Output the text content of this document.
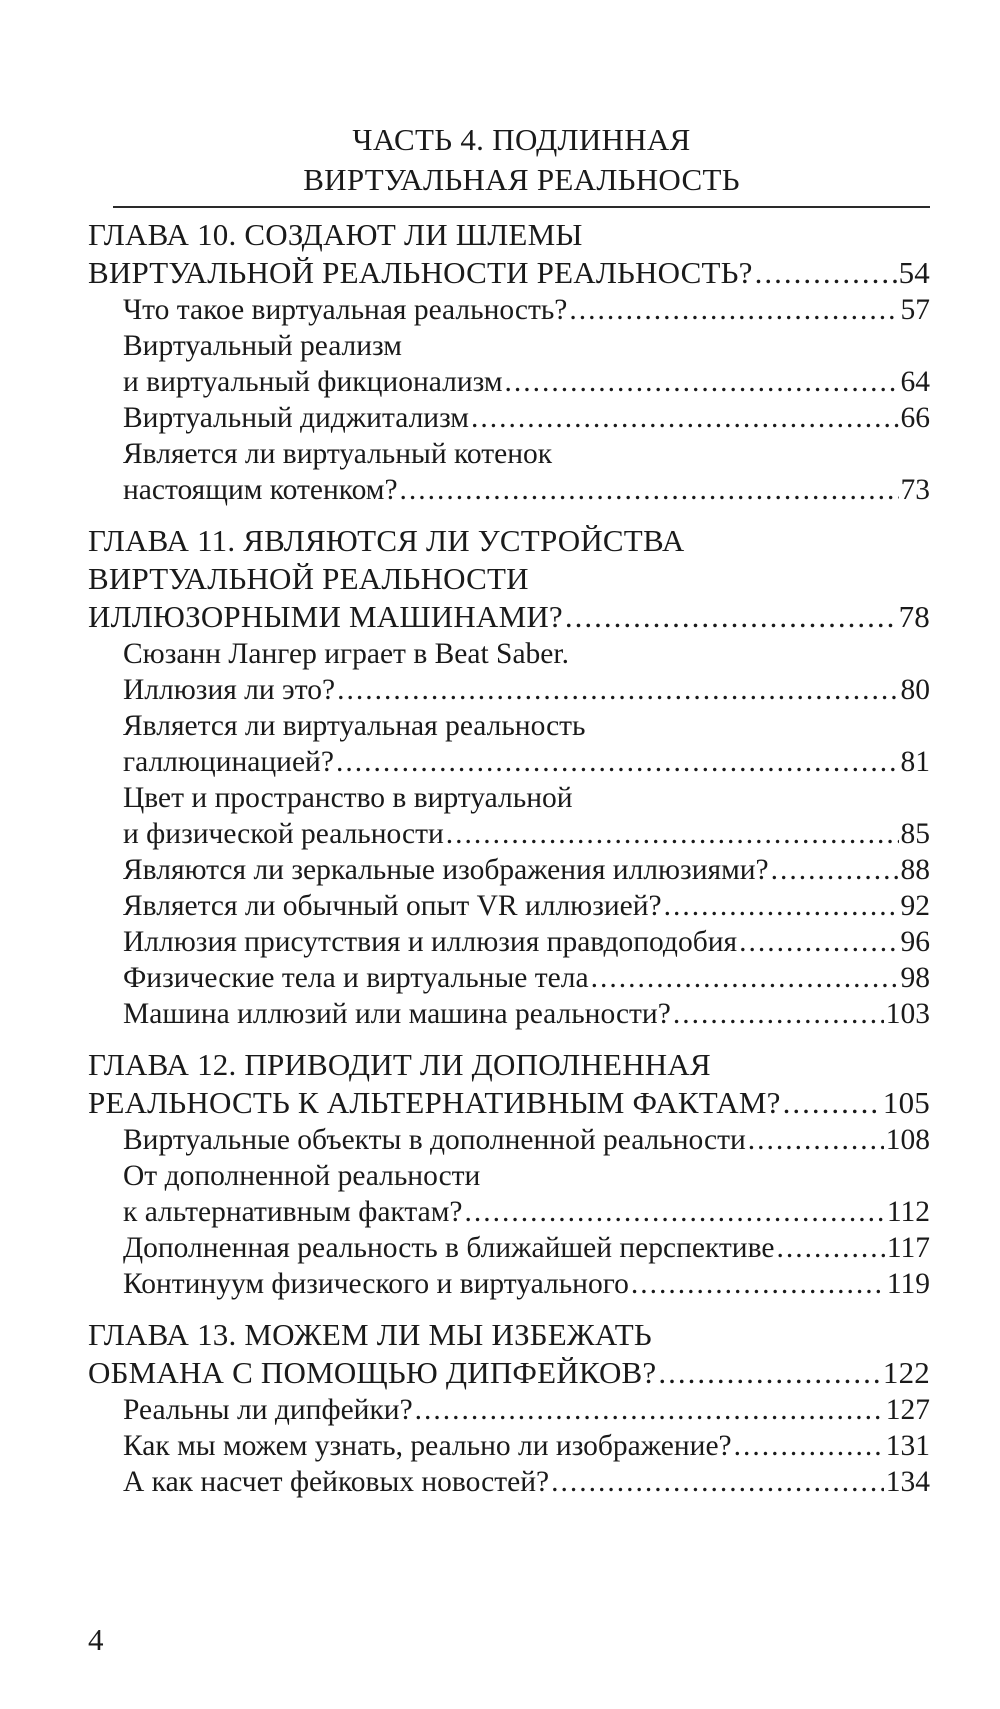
ЧАСТЬ 4. ПОДЛИННАЯ
ВИРТУАЛЬНАЯ РЕАЛЬНОСТЬ
ГЛАВА 10. СОЗДАЮТ ЛИ ШЛЕМЫ
ВИРТУАЛЬНОЙ РЕАЛЬНОСТИ РЕАЛЬНОСТЬ? .....	54
Что такое виртуальная реальность? .....	57
Виртуальный реализм
и виртуальный фикционализм .....	64
Виртуальный диджитализм .....	66
Является ли виртуальный котенок
настоящим котенком? .....	73
ГЛАВА 11. ЯВЛЯЮТСЯ ЛИ УСТРОЙСТВА
ВИРТУАЛЬНОЙ РЕАЛЬНОСТИ
ИЛЛЮЗОРНЫМИ МАШИНАМИ? .....	78
Сюзанн Лангер играет в Beat Saber.
Иллюзия ли это? .....	80
Является ли виртуальная реальность
галлюцинацией? .....	81
Цвет и пространство в виртуальной
и физической реальности .....	85
Являются ли зеркальные изображения иллюзиями? .....	88
Является ли обычный опыт VR иллюзией? .....	92
Иллюзия присутствия и иллюзия правдоподобия .....	96
Физические тела и виртуальные тела .....	98
Машина иллюзий или машина реальности? .....	103
ГЛАВА 12. ПРИВОДИТ ЛИ ДОПОЛНЕННАЯ
РЕАЛЬНОСТЬ К АЛЬТЕРНАТИВНЫМ ФАКТАМ? .....	105
Виртуальные объекты в дополненной реальности .....	108
От дополненной реальности
к альтернативным фактам? .....	112
Дополненная реальность в ближайшей перспективе .....	117
Континуум физического и виртуального .....	119
ГЛАВА 13. МОЖЕМ ЛИ МЫ ИЗБЕЖАТЬ
ОБМАНА С ПОМОЩЬЮ ДИПФЕЙКОВ? .....	122
Реальны ли дипфейки? .....	127
Как мы можем узнать, реально ли изображение? .....	131
А как насчет фейковых новостей? .....	134
4
